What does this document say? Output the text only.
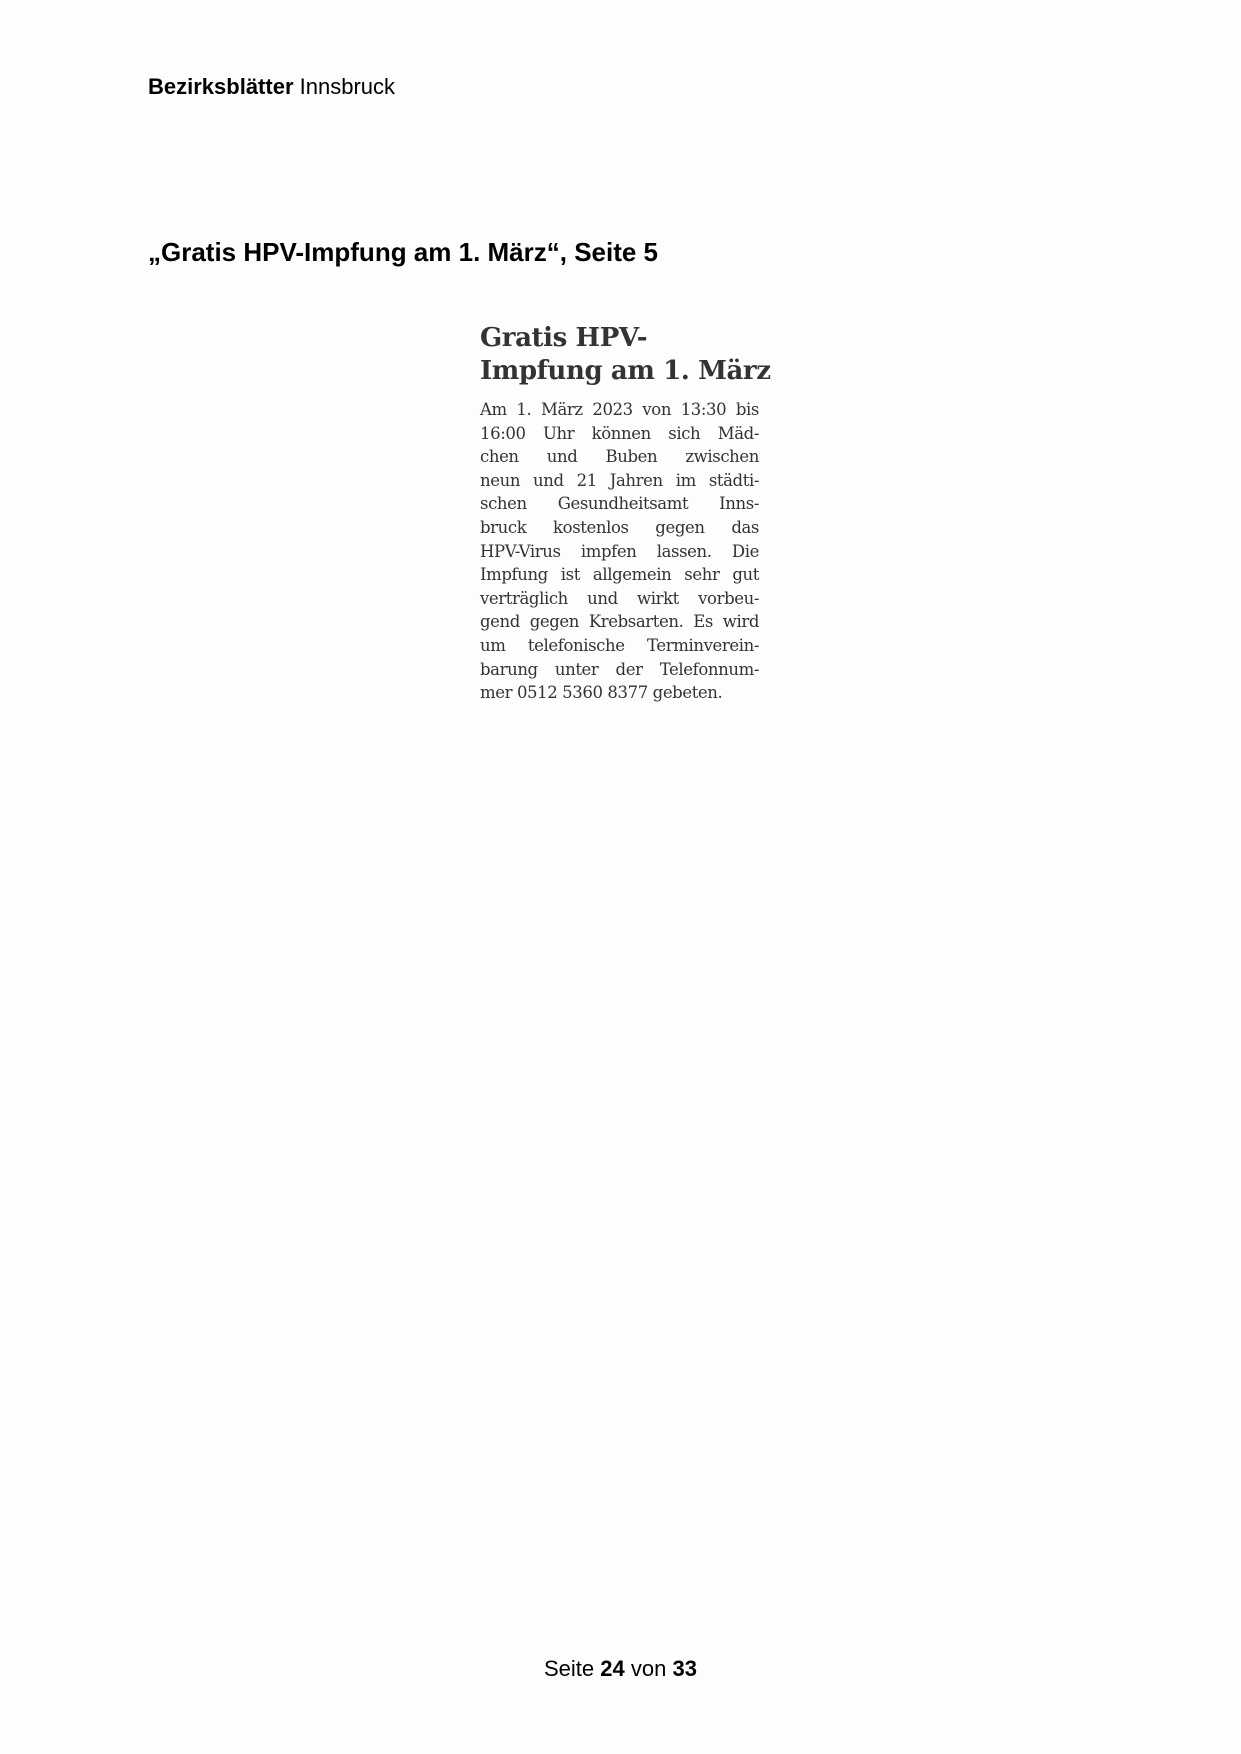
Bezirksblätter Innsbruck
„Gratis HPV-Impfung am 1. März“, Seite 5
Gratis HPV-
Impfung am 1. März
Am 1. März 2023 von 13:30 bis
16:00 Uhr können sich Mäd-
chen und Buben zwischen
neun und 21 Jahren im städti-
schen Gesundheitsamt Inns-
bruck kostenlos gegen das
HPV-Virus impfen lassen. Die
Impfung ist allgemein sehr gut
verträglich und wirkt vorbeu-
gend gegen Krebsarten. Es wird
um telefonische Terminverein-
barung unter der Telefonnum-
mer 0512 5360 8377 gebeten.
Seite 24 von 33
